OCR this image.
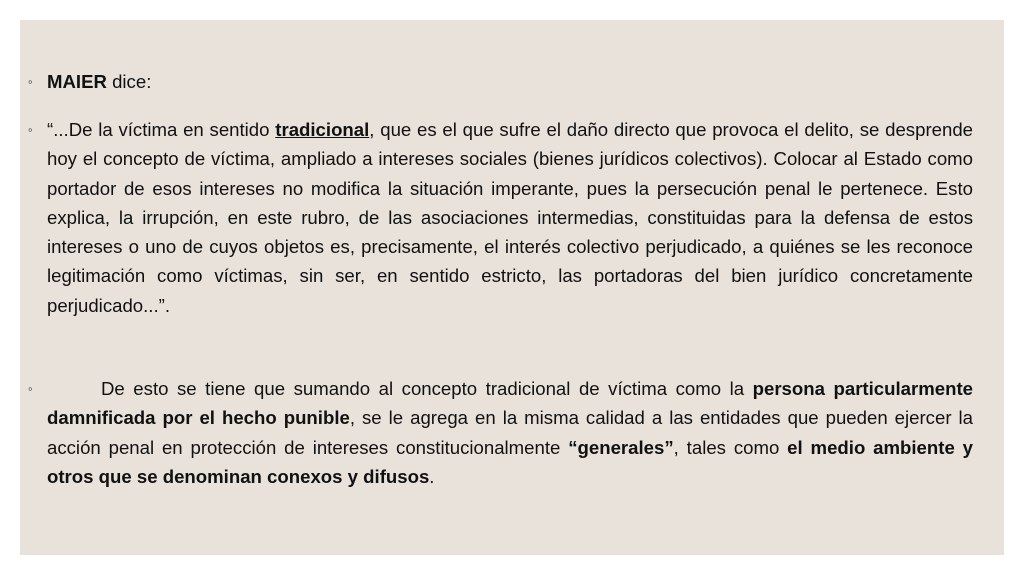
◦ MAIER dice:

◦ “...De la víctima en sentido tradicional, que es el que sufre el daño directo que provoca el delito, se desprende hoy el concepto de víctima, ampliado a intereses sociales (bienes jurídicos colectivos). Colocar al Estado como portador de esos intereses no modifica la situación imperante, pues la persecución penal le pertenece. Esto explica, la irrupción, en este rubro, de las asociaciones intermedias, constituidas para la defensa de estos intereses o uno de cuyos objetos es, precisamente, el interés colectivo perjudicado, a quiénes se les reconoce legitimación como víctimas, sin ser, en sentido estricto, las portadoras del bien jurídico concretamente perjudicado...”.

◦	De esto se tiene que sumando al concepto tradicional de víctima como la persona particularmente damnificada por el hecho punible, se le agrega en la misma calidad a las entidades que pueden ejercer la acción penal en protección de intereses constitucionalmente “generales”, tales como el medio ambiente y otros que se denominan conexos y difusos.
